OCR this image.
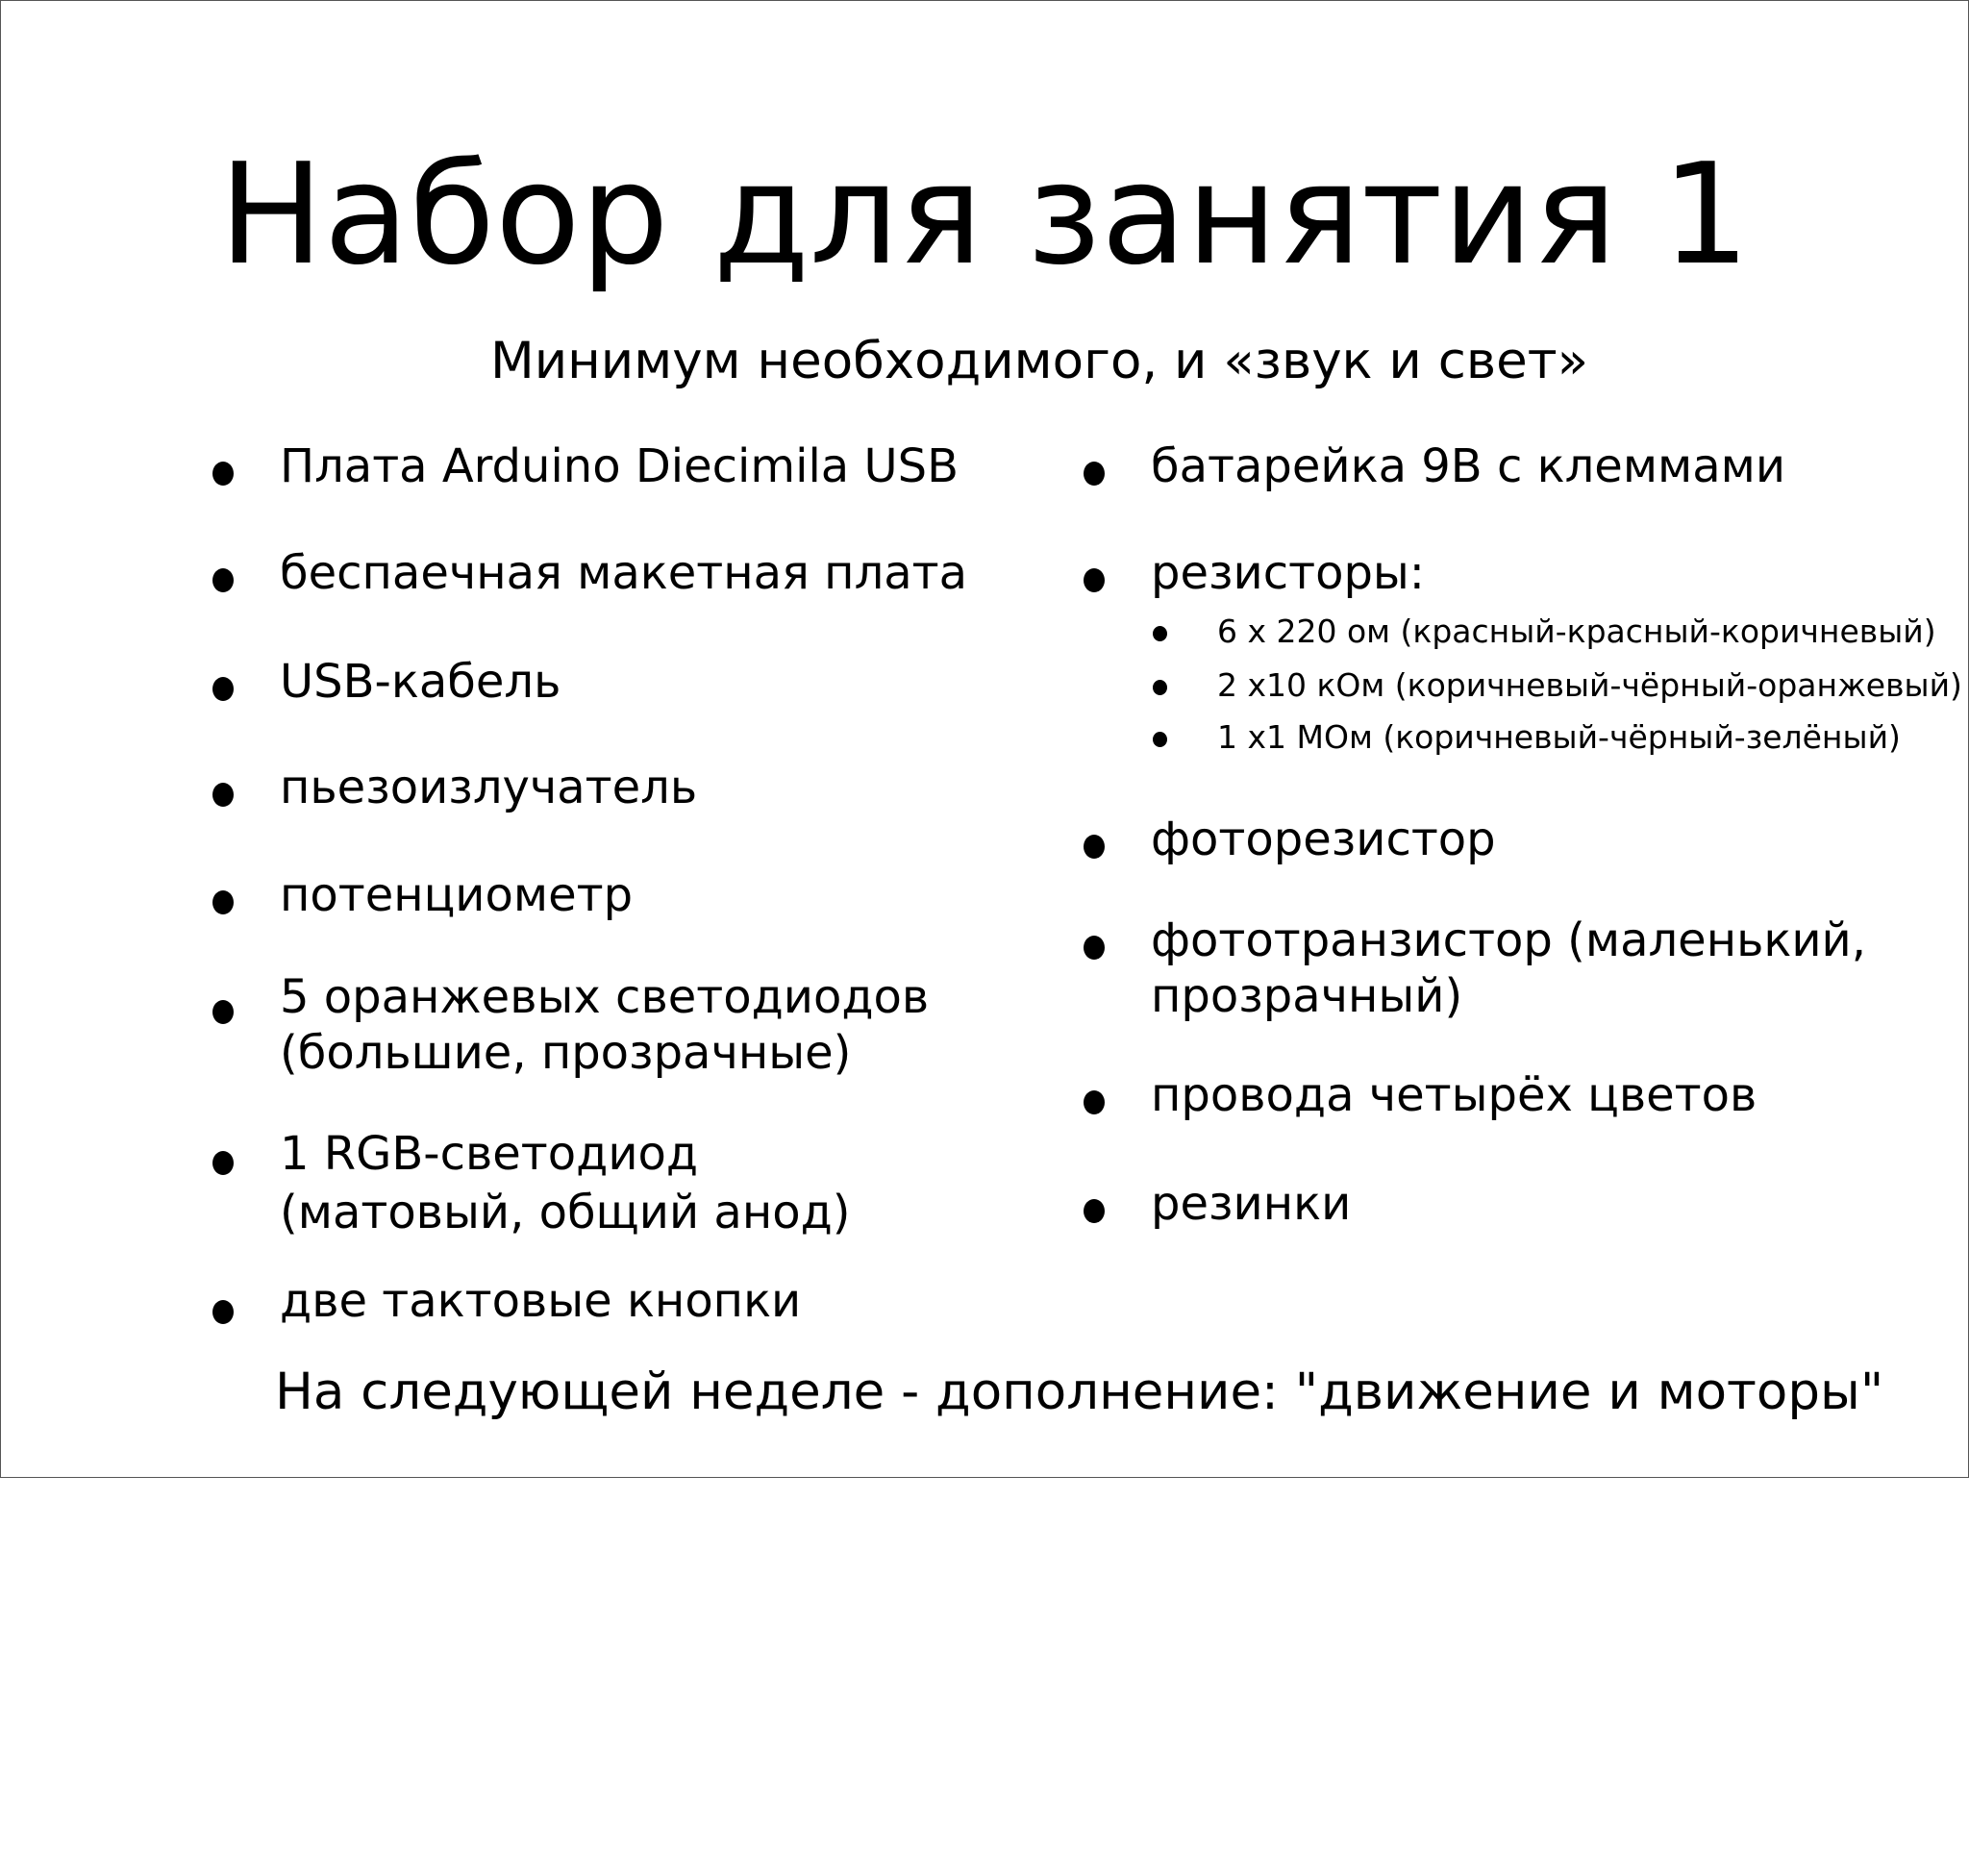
Набор для занятия 1
Минимум необходимого, и «звук и свет»
Плата Arduino Diecimila USB
беспаечная макетная плата
USB-кабель
пьезоизлучатель
потенциометр
5 оранжевых светодиодов
(большие, прозрачные)
1 RGB-светодиод
(матовый, общий анод)
две тактовые кнопки
батарейка 9В с клеммами
резисторы:
6 x 220 ом (красный-красный-коричневый)
2 x10 кОм (коричневый-чёрный-оранжевый)
1 x1 МОм (коричневый-чёрный-зелёный)
фоторезистор
фототранзистор (маленький,
прозрачный)
провода четырёх цветов
резинки
На следующей неделе - дополнение: "движение и моторы"
